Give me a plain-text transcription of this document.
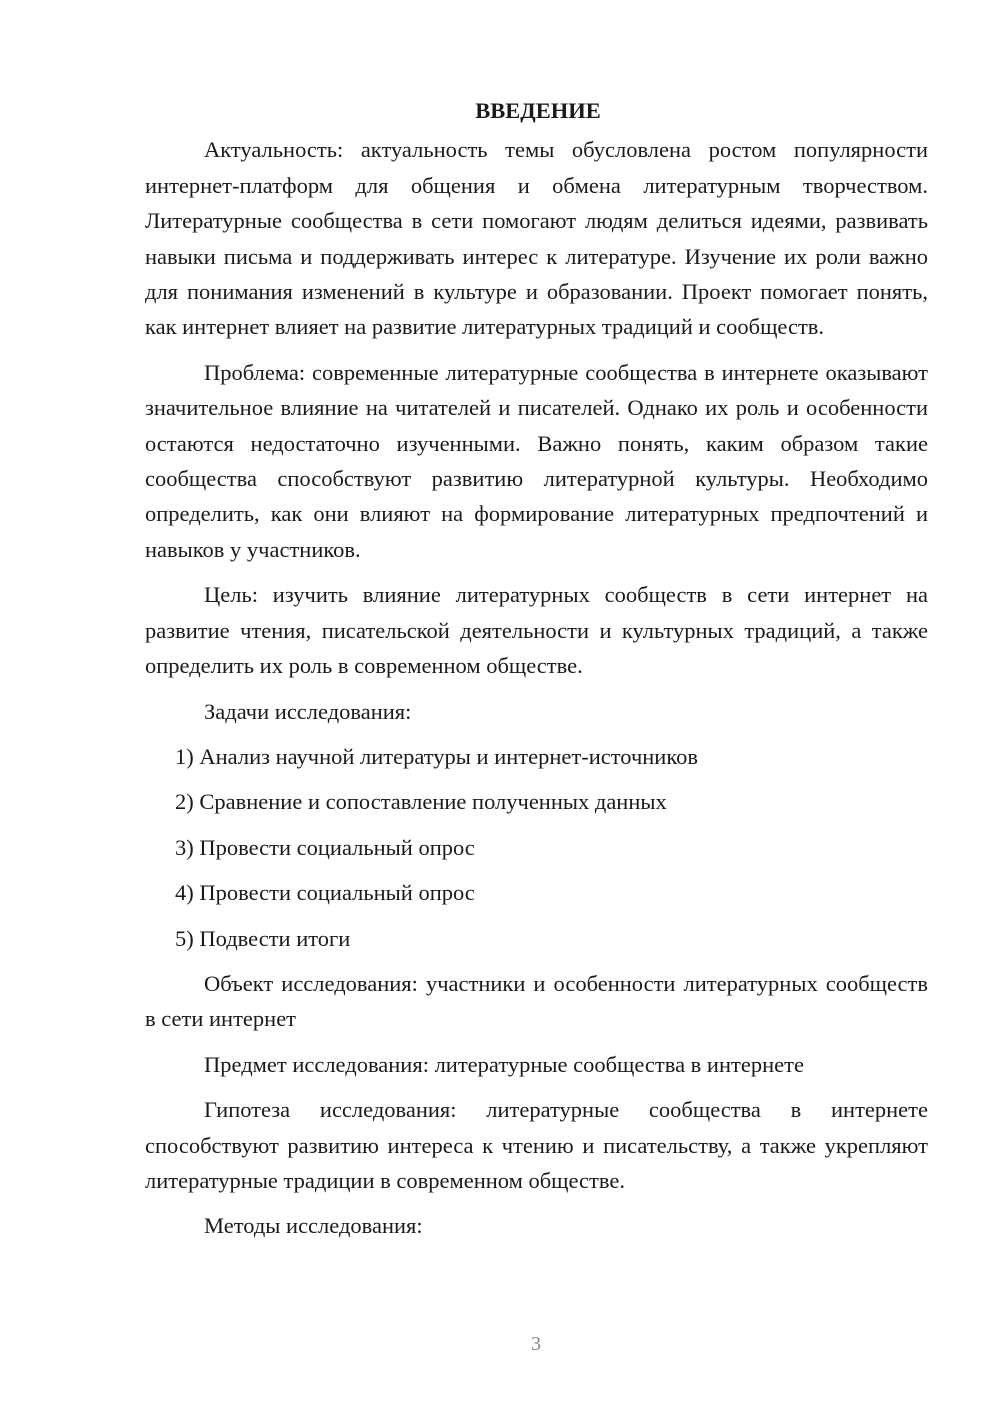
ВВЕДЕНИЕ

Актуальность: актуальность темы обусловлена ростом популярности интернет-платформ для общения и обмена литературным творчеством. Литературные сообщества в сети помогают людям делиться идеями, развивать навыки письма и поддерживать интерес к литературе. Изучение их роли важно для понимания изменений в культуре и образовании. Проект помогает понять, как интернет влияет на развитие литературных традиций и сообществ.

Проблема: современные литературные сообщества в интернете оказывают значительное влияние на читателей и писателей. Однако их роль и особенности остаются недостаточно изученными. Важно понять, каким образом такие сообщества способствуют развитию литературной культуры. Необходимо определить, как они влияют на формирование литературных предпочтений и навыков у участников.

Цель: изучить влияние литературных сообществ в сети интернет на развитие чтения, писательской деятельности и культурных традиций, а также определить их роль в современном обществе.

Задачи исследования:

1) Анализ научной литературы и интернет-источников

2) Сравнение и сопоставление полученных данных

3) Провести социальный опрос

4) Провести социальный опрос

5) Подвести итоги

Объект исследования: участники и особенности литературных сообществ в сети интернет

Предмет исследования: литературные сообщества в интернете

Гипотеза исследования: литературные сообщества в интернете способствуют развитию интереса к чтению и писательству, а также укрепляют литературные традиции в современном обществе.

Методы исследования:

3
